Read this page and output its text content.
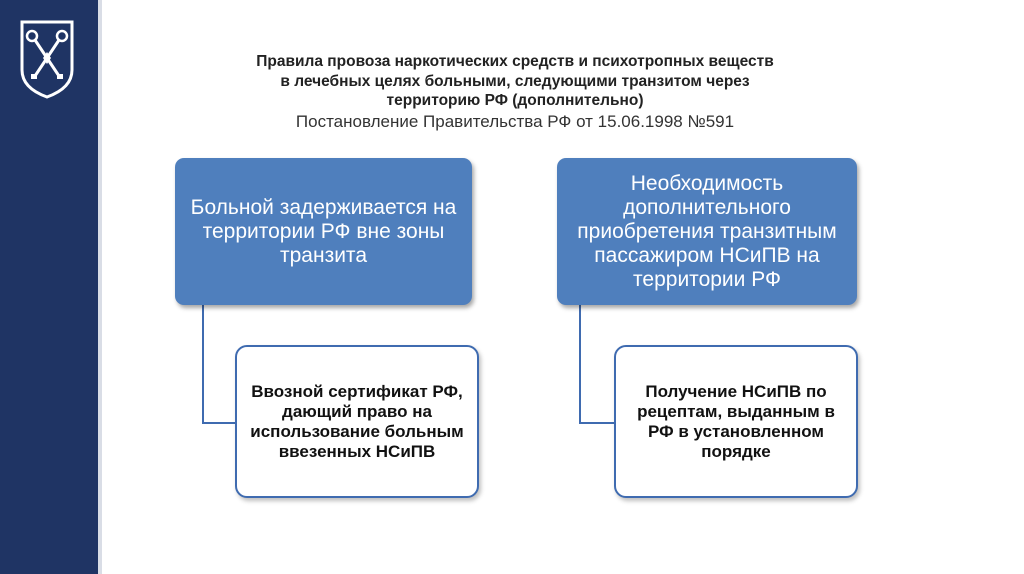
Правила провоза наркотических средств и психотропных веществ
в лечебных целях больными, следующими транзитом через
территорию РФ (дополнительно)
Постановление Правительства РФ от 15.06.1998 №591
Больной задерживается на территории РФ вне зоны транзита
Необходимость дополнительного приобретения транзитным пассажиром НСиПВ на территории РФ
Ввозной сертификат РФ, дающий право на использование больным ввезенных НСиПВ
Получение НСиПВ по рецептам, выданным в РФ в установленном порядке
